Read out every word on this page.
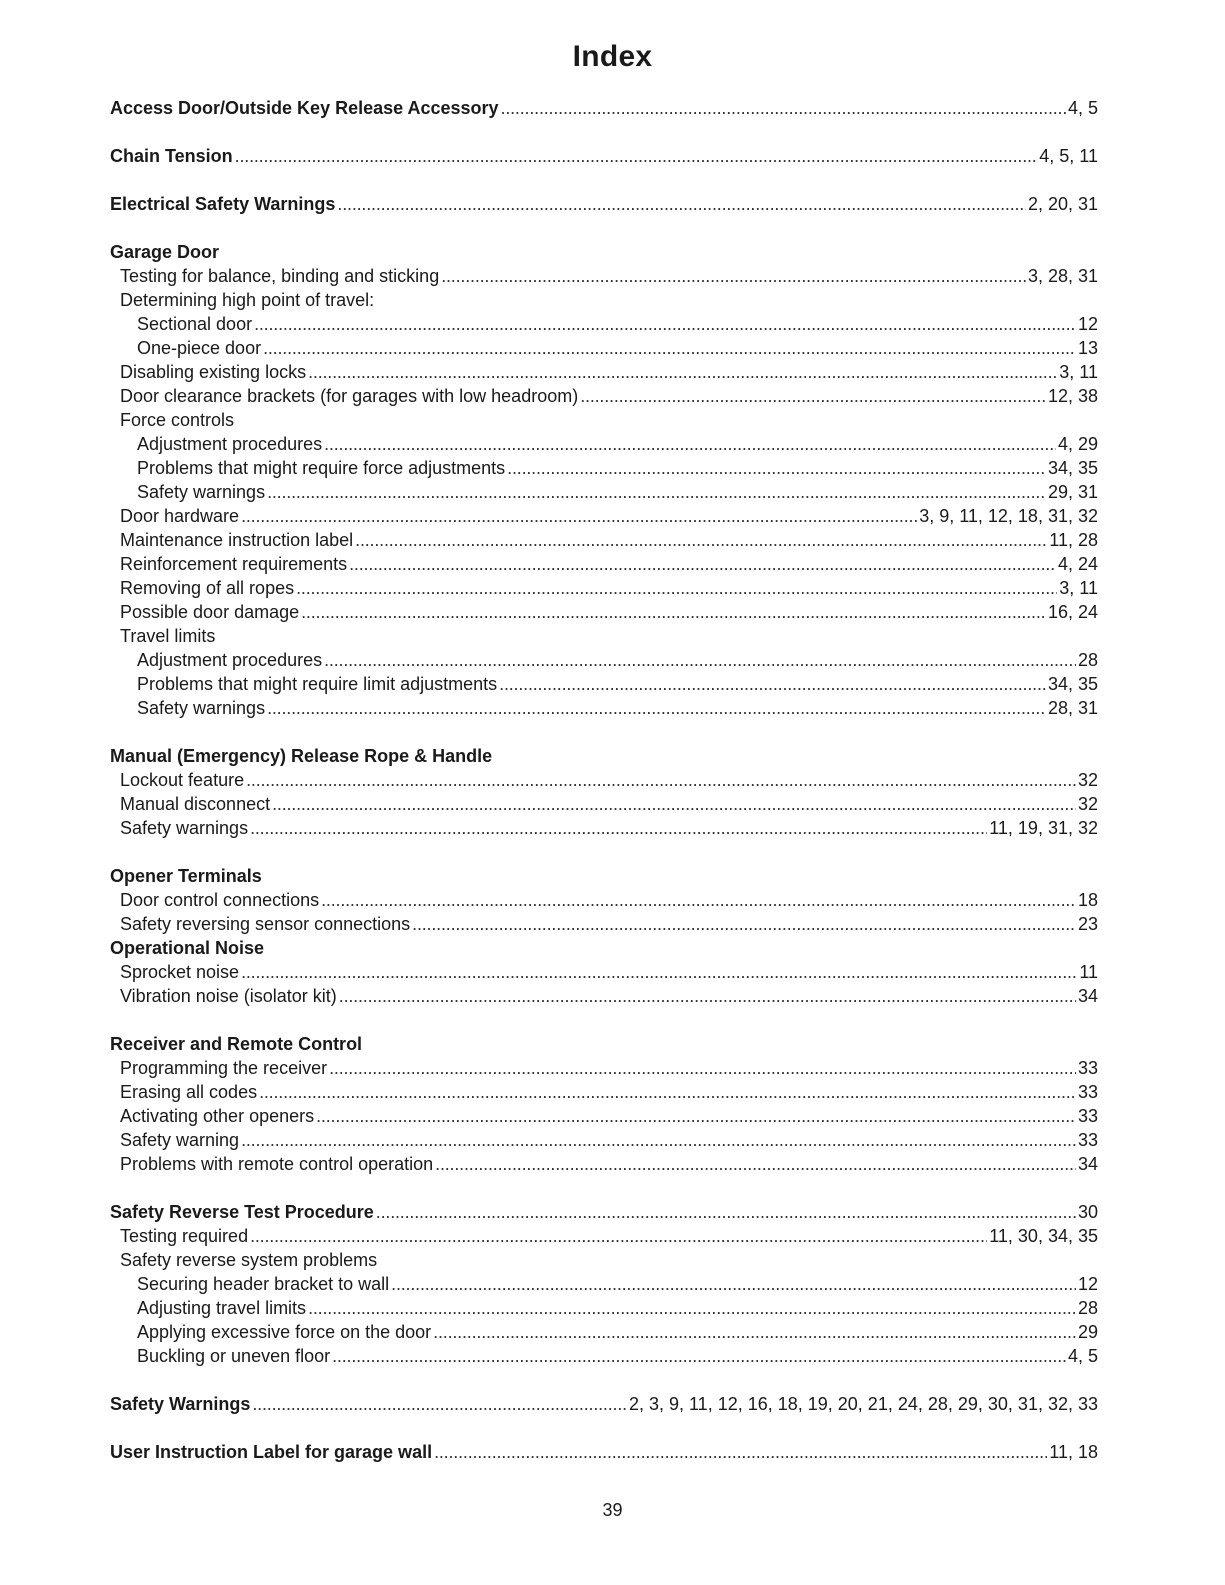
Index
Access Door/Outside Key Release Accessory . . .	4, 5
Chain Tension . . .	4, 5, 11
Electrical Safety Warnings . . .	2, 20, 31
Garage Door
Testing for balance, binding and sticking . . .	3, 28, 31
Determining high point of travel:
Sectional door . . .	12
One-piece door . . .	13
Disabling existing locks . . .	3, 11
Door clearance brackets (for garages with low headroom) . . .	12, 38
Force controls
Adjustment procedures . . .	4, 29
Problems that might require force adjustments . . .	34, 35
Safety warnings . . .	29, 31
Door hardware . . .	3, 9, 11, 12, 18, 31, 32
Maintenance instruction label . . .	11, 28
Reinforcement requirements . . .	4, 24
Removing of all ropes . . .	3, 11
Possible door damage . . .	16, 24
Travel limits
Adjustment procedures . . .	28
Problems that might require limit adjustments . . .	34, 35
Safety warnings . . .	28, 31
Manual (Emergency) Release Rope & Handle
Lockout feature . . .	32
Manual disconnect . . .	32
Safety warnings . . .	11, 19, 31, 32
Opener Terminals
Door control connections . . .	18
Safety reversing sensor connections . . .	23
Operational Noise
Sprocket noise . . .	11
Vibration noise (isolator kit) . . .	34
Receiver and Remote Control
Programming the receiver . . .	33
Erasing all codes . . .	33
Activating other openers . . .	33
Safety warning . . .	33
Problems with remote control operation . . .	34
Safety Reverse Test Procedure . . .	30
Testing required . . .	11, 30, 34, 35
Safety reverse system problems
Securing header bracket to wall . . .	12
Adjusting travel limits . . .	28
Applying excessive force on the door . . .	29
Buckling or uneven floor . . .	4, 5
Safety Warnings . . .	2, 3, 9, 11, 12, 16, 18, 19, 20, 21, 24, 28, 29, 30, 31, 32, 33
User Instruction Label for garage wall . . .	11, 18
39
